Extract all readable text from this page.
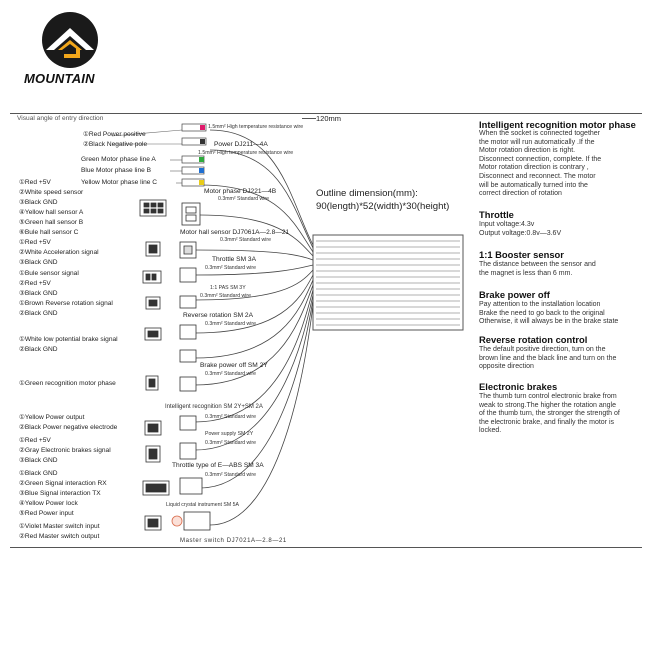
MOUNTAIN
Visual angle of entry direction	120mm
①Red Power positive
②Black Negative pole
Green Motor phase line A
Blue Motor phase line B
①Red +5V	Yellow Motor phase line C
②White speed sensor
③Black GND
④Yellow hall sensor A
⑤Green hall sensor B
⑥Bule hall sensor C
①Red +5V
②White Acceleration signal
③Black GND
①Bule sensor signal
②Red +5V
③Black GND
①Brown Reverse rotation signal
②Black GND
①White low potential brake signal
②Black GND
①Green recognition motor phase
①Yellow Power output
②Black Power negative electrode
①Red +5V
②Gray Electronic brakes signal
③Black GND
①Black GND
②Green Signal interaction RX
③Blue Signal interaction TX
④Yellow Power lock
⑤Red Power input
①Violet Master switch input
②Red Master switch output
1.5mm² High temperature resistance wire
Power DJ211—4A
1.5mm² High temperature resistance wire
Motor phase DJ221—4B
0.3mm² Standard wire
Motor hall sensor DJ7061A—2.8—21
0.3mm² Standard wire
Throttle SM 3A
0.3mm² Standard wire
1:1 PAS SM 3Y
0.3mm² Standard wire
Reverse rotation SM 2A
0.3mm² Standard wire
Brake power off SM 2Y
0.3mm² Standard wire
Intelligent recognition SM 2Y+SM 2A
0.3mm² Standard wire
Power supply SM 2Y
0.3mm² Standard wire
Throttle type of E—ABS SM 3A
0.3mm² Standard wire
Liquid crystal instrument SM 5A
Master switch DJ7021A—2.8—21
Outline dimension(mm):
90(length)*52(width)*30(height)
Intelligent recognition motor phase
When the socket is connected together
the motor will run automatically .If the
Motor rotation direction is right.
Disconnect connection, complete. If the
Motor rotation direction is contrary ,
Disconnect and reconnect. The motor
will be automatically turned into the
correct direction of rotation
Throttle
Input voltage:4.3v
Output voltage:0.8v—3.6V
1:1 Booster sensor
The distance between the sensor and
the magnet is less than 6 mm.
Brake power off
Pay attention to the installation location
Brake the need to go back to the original
Otherwise, it will always be in the brake state
Reverse rotation control
The default positive direction, turn on the
brown line and the black line and turn on the
opposite direction
Electronic brakes
The thumb turn control electronic brake from
weak to strong.The higher the rotation angle
of the thumb turn, the stronger the strength of
the electronic brake, and finally the motor is
locked.
